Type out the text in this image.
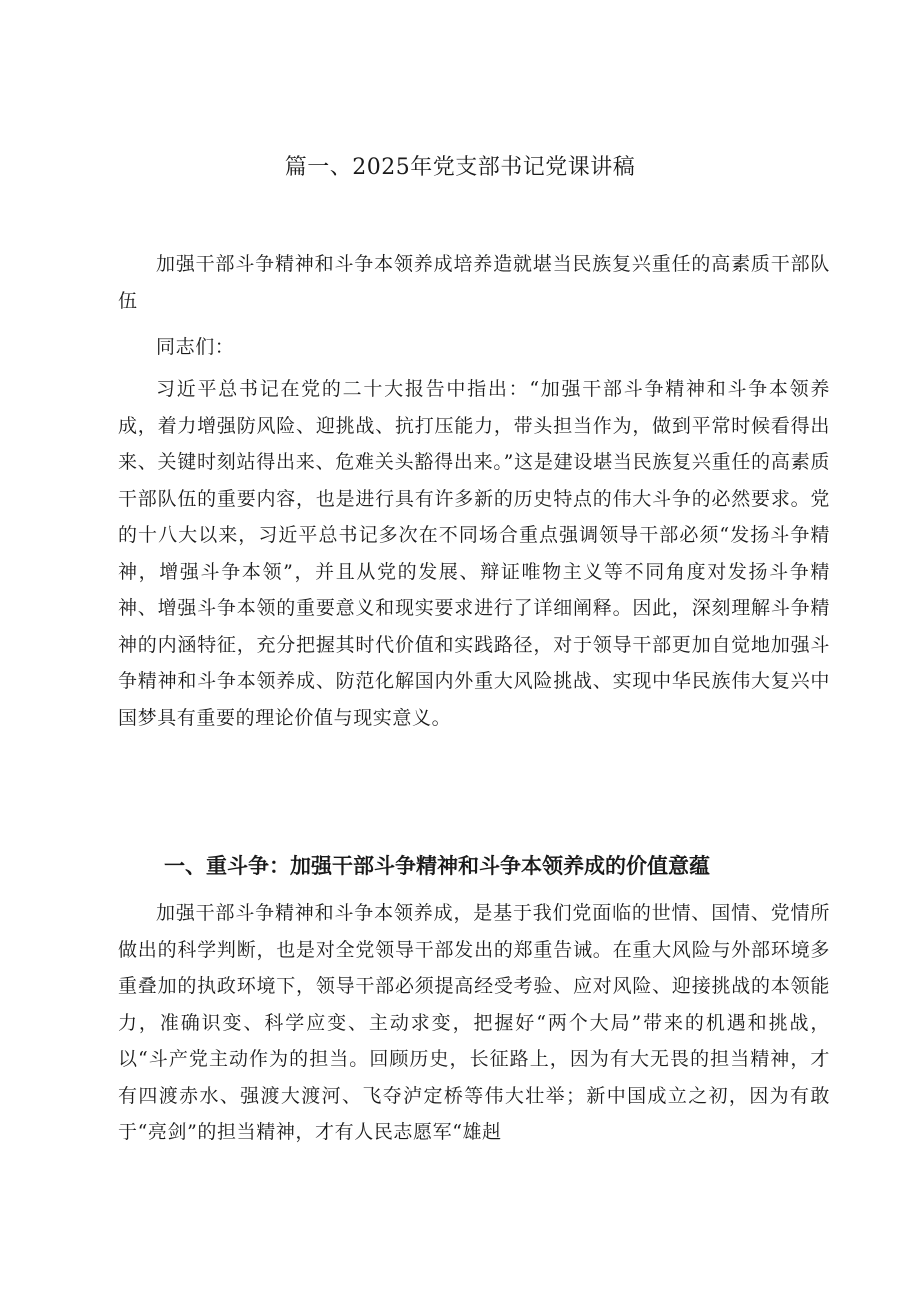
篇一、2025年党支部书记党课讲稿

加强干部斗争精神和斗争本领养成培养造就堪当民族复兴重任的高素质干部队伍

同志们：

习近平总书记在党的二十大报告中指出：“加强干部斗争精神和斗争本领养成，着力增强防风险、迎挑战、抗打压能力，带头担当作为，做到平常时候看得出来、关键时刻站得出来、危难关头豁得出来。”这是建设堪当民族复兴重任的高素质干部队伍的重要内容，也是进行具有许多新的历史特点的伟大斗争的必然要求。党的十八大以来，习近平总书记多次在不同场合重点强调领导干部必须“发扬斗争精神，增强斗争本领”，并且从党的发展、辩证唯物主义等不同角度对发扬斗争精神、增强斗争本领的重要意义和现实要求进行了详细阐释。因此，深刻理解斗争精神的内涵特征，充分把握其时代价值和实践路径，对于领导干部更加自觉地加强斗争精神和斗争本领养成、防范化解国内外重大风险挑战、实现中华民族伟大复兴中国梦具有重要的理论价值与现实意义。

一、重斗争：加强干部斗争精神和斗争本领养成的价值意蕴

加强干部斗争精神和斗争本领养成，是基于我们党面临的世情、国情、党情所做出的科学判断，也是对全党领导干部发出的郑重告诫。在重大风险与外部环境多重叠加的执政环境下，领导干部必须提高经受考验、应对风险、迎接挑战的本领能力，准确识变、科学应变、主动求变，把握好“两个大局”带来的机遇和挑战，以“斗产党主动作为的担当。回顾历史，长征路上，因为有大无畏的担当精神，才有四渡赤水、强渡大渡河、飞夺泸定桥等伟大壮举；新中国成立之初，因为有敢于“亮剑”的担当精神，才有人民志愿军“雄赳
